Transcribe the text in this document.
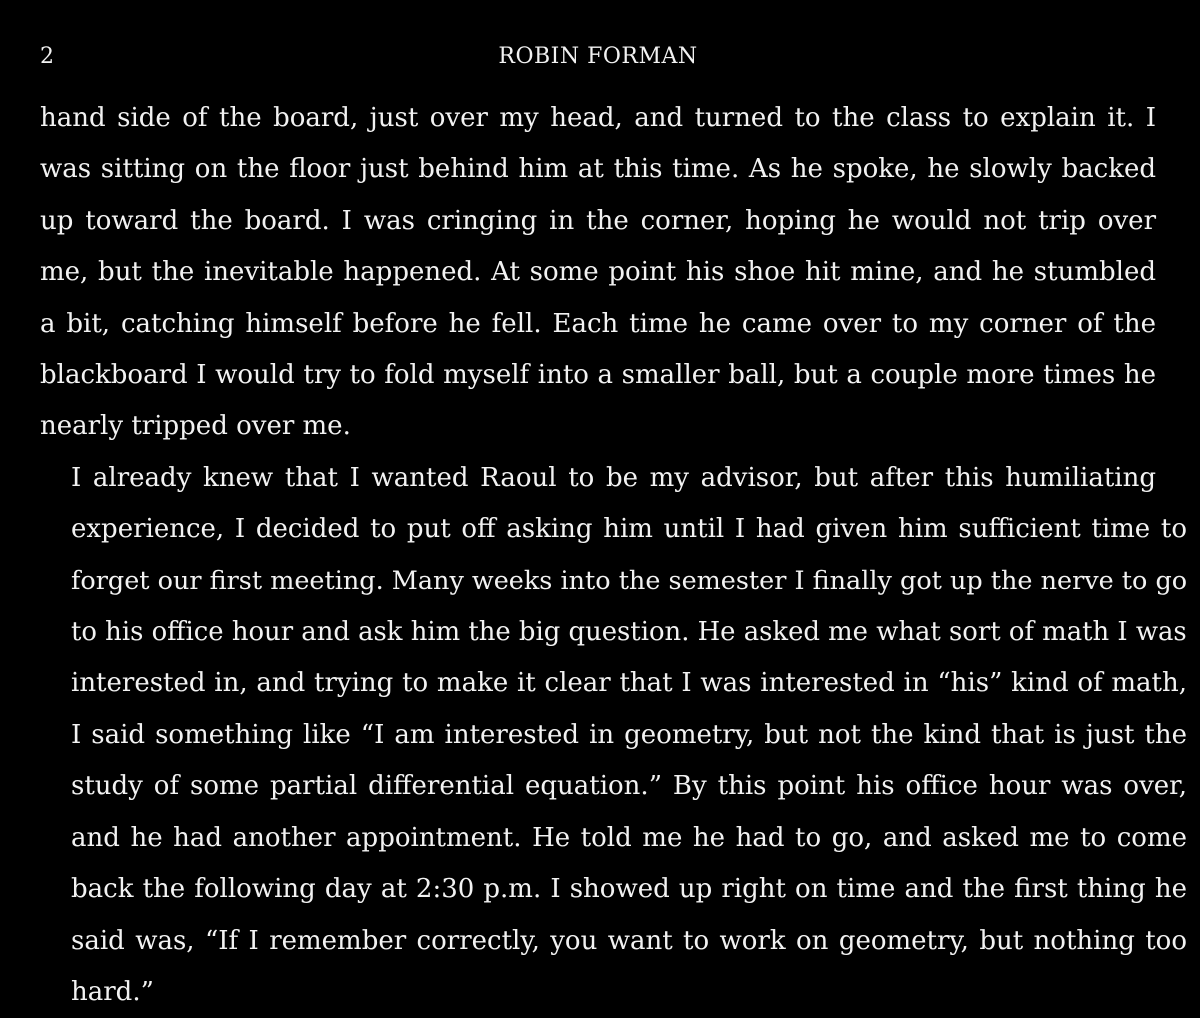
2	ROBIN FORMAN

hand side of the board, just over my head, and turned to the class to explain it. I
was sitting on the floor just behind him at this time. As he spoke, he slowly backed
up toward the board. I was cringing in the corner, hoping he would not trip over
me, but the inevitable happened. At some point his shoe hit mine, and he stumbled
a bit, catching himself before he fell. Each time he came over to my corner of the
blackboard I would try to fold myself into a smaller ball, but a couple more times he
nearly tripped over me.

I already knew that I wanted Raoul to be my advisor, but after this humiliating
experience, I decided to put off asking him until I had given him sufficient time to
forget our first meeting. Many weeks into the semester I finally got up the nerve to go
to his office hour and ask him the big question. He asked me what sort of math I was
interested in, and trying to make it clear that I was interested in “his” kind of math,
I said something like “I am interested in geometry, but not the kind that is just the
study of some partial differential equation.” By this point his office hour was over,
and he had another appointment. He told me he had to go, and asked me to come
back the following day at 2:30 p.m. I showed up right on time and the first thing he
said was, “If I remember correctly, you want to work on geometry, but nothing too
hard.”
